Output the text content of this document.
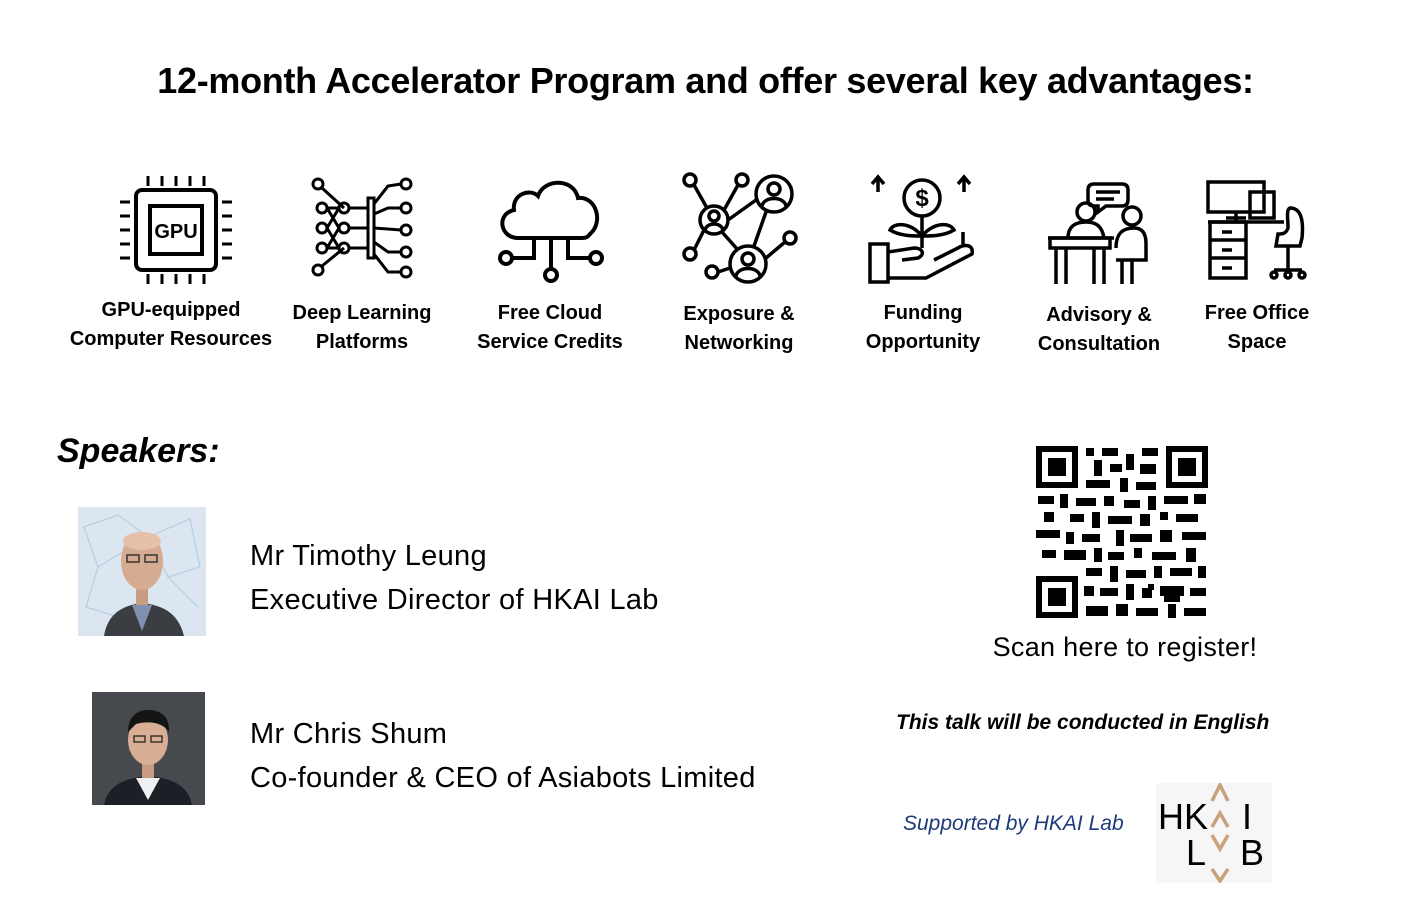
12-month Accelerator Program and offer several key advantages:
GPU
$
GPU-equipped
Computer Resources
Deep Learning
Platforms
Free Cloud
Service Credits
Exposure &
Networking
Funding
Opportunity
Advisory &
Consultation
Free Office
Space
Speakers:
Mr Timothy Leung
Executive Director of HKAI Lab
Mr Chris Shum
Co-founder & CEO of Asiabots Limited
Scan here to register!
This talk will be conducted in English
Supported by HKAI Lab H K I
L B
